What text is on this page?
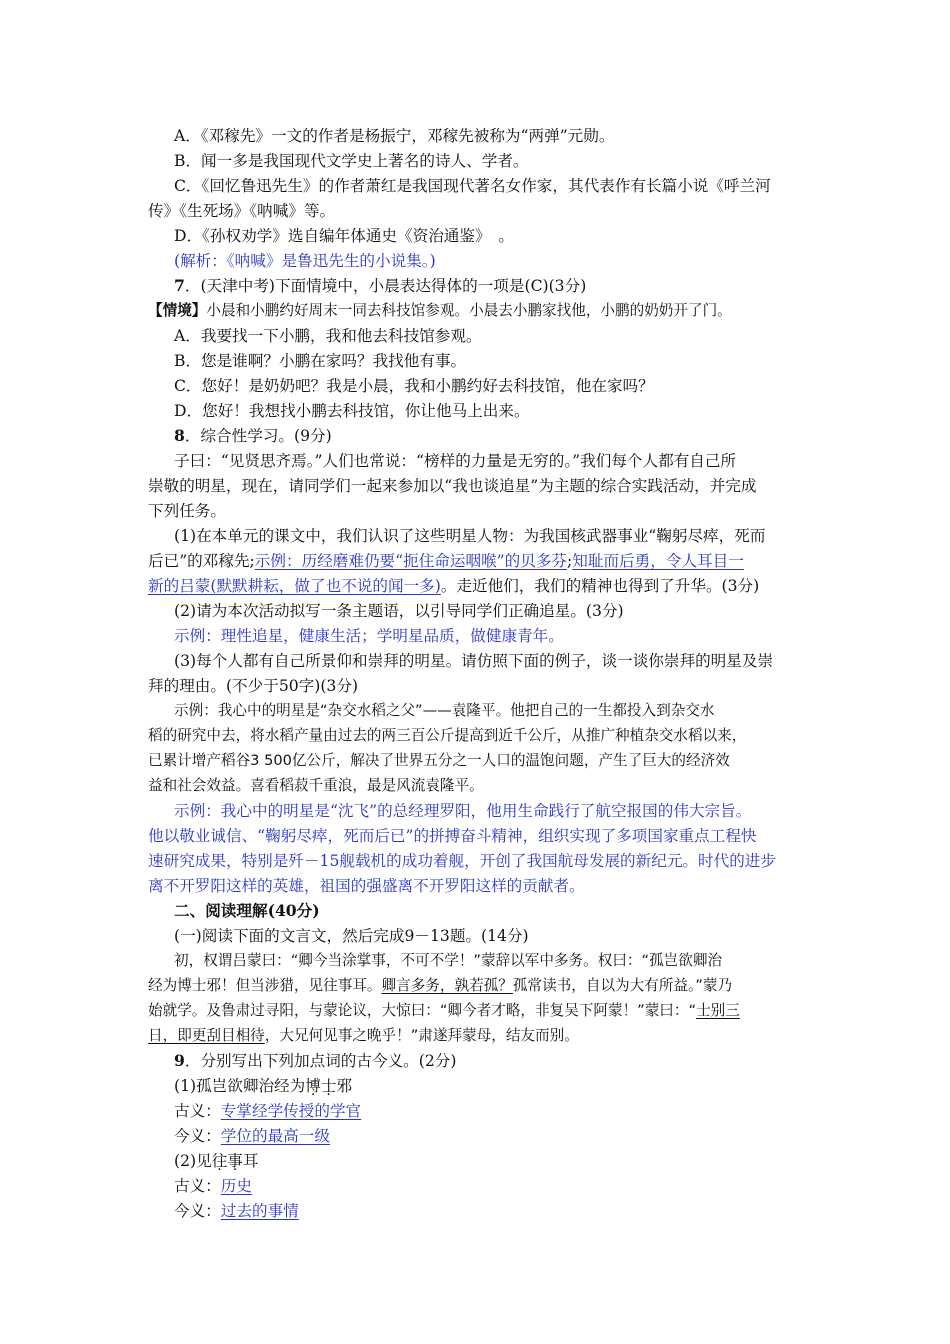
A．《邓稼先》一文的作者是杨振宁，邓稼先被称为“两弹”元勋。
B．闻一多是我国现代文学史上著名的诗人、学者。
C．《回忆鲁迅先生》的作者萧红是我国现代著名女作家，其代表作有长篇小说《呼兰河
传》《生死场》《呐喊》等。
D．《孙权劝学》选自编年体通史《资治通鉴》　。
(解析：《呐喊》是鲁迅先生的小说集。)
7．(天津中考)下面情境中，小晨表达得体的一项是(C)(3分)
【情境】小晨和小鹏约好周末一同去科技馆参观。小晨去小鹏家找他，小鹏的奶奶开了门。
A．我要找一下小鹏，我和他去科技馆参观。
B．您是谁啊？小鹏在家吗？我找他有事。
C．您好！是奶奶吧？我是小晨，我和小鹏约好去科技馆，他在家吗？
D．您好！我想找小鹏去科技馆，你让他马上出来。
8．综合性学习。(9分)
子曰：“见贤思齐焉。”人们也常说：“榜样的力量是无穷的。”我们每个人都有自己所
崇敬的明星，现在，请同学们一起来参加以“我也谈追星”为主题的综合实践活动，并完成
下列任务。
(1)在本单元的课文中，我们认识了这些明星人物：为我国核武器事业“鞠躬尽瘁，死而
后已”的邓稼先;示例：历经磨难仍要“扼住命运咽喉”的贝多芬;知耻而后勇，令人耳目一
新的吕蒙(默默耕耘，做了也不说的闻一多)。走近他们，我们的精神也得到了升华。(3分)
(2)请为本次活动拟写一条主题语，以引导同学们正确追星。(3分)
示例：理性追星，健康生活；学明星品质，做健康青年。
(3)每个人都有自己所景仰和崇拜的明星。请仿照下面的例子，谈一谈你崇拜的明星及崇
拜的理由。(不少于50字)(3分)
示例：我心中的明星是“杂交水稻之父”——袁隆平。他把自己的一生都投入到杂交水
稻的研究中去，将水稻产量由过去的两三百公斤提高到近千公斤，从推广种植杂交水稻以来，
已累计增产稻谷3 500亿公斤，解决了世界五分之一人口的温饱问题，产生了巨大的经济效
益和社会效益。喜看稻菽千重浪，最是风流袁隆平。
示例：我心中的明星是“沈飞”的总经理罗阳，他用生命践行了航空报国的伟大宗旨。
他以敬业诚信、“鞠躬尽瘁，死而后已”的拼搏奋斗精神，组织实现了多项国家重点工程快
速研究成果，特别是歼－15舰载机的成功着舰，开创了我国航母发展的新纪元。时代的进步
离不开罗阳这样的英雄，祖国的强盛离不开罗阳这样的贡献者。
二、阅读理解(40分)
(一)阅读下面的文言文，然后完成9－13题。(14分)
初，权谓吕蒙曰：“卿今当涂掌事，不可不学！”蒙辞以军中多务。权曰：“孤岂欲卿治
经为博士邪！但当涉猎，见往事耳。卿言多务，孰若孤？孤常读书，自以为大有所益。”蒙乃
始就学。及鲁肃过寻阳，与蒙论议，大惊曰：“卿今者才略，非复吴下阿蒙！”蒙曰：“士别三
日，即更刮目相待，大兄何见事之晚乎！”肃遂拜蒙母，结友而别。
9．分别写出下列加点词的古今义。(2分)
(1)孤岂欲卿治经为博士邪
古义：专掌经学传授的学官
今义：学位的最高一级
(2)见往事耳
古义：历史
今义：过去的事情
